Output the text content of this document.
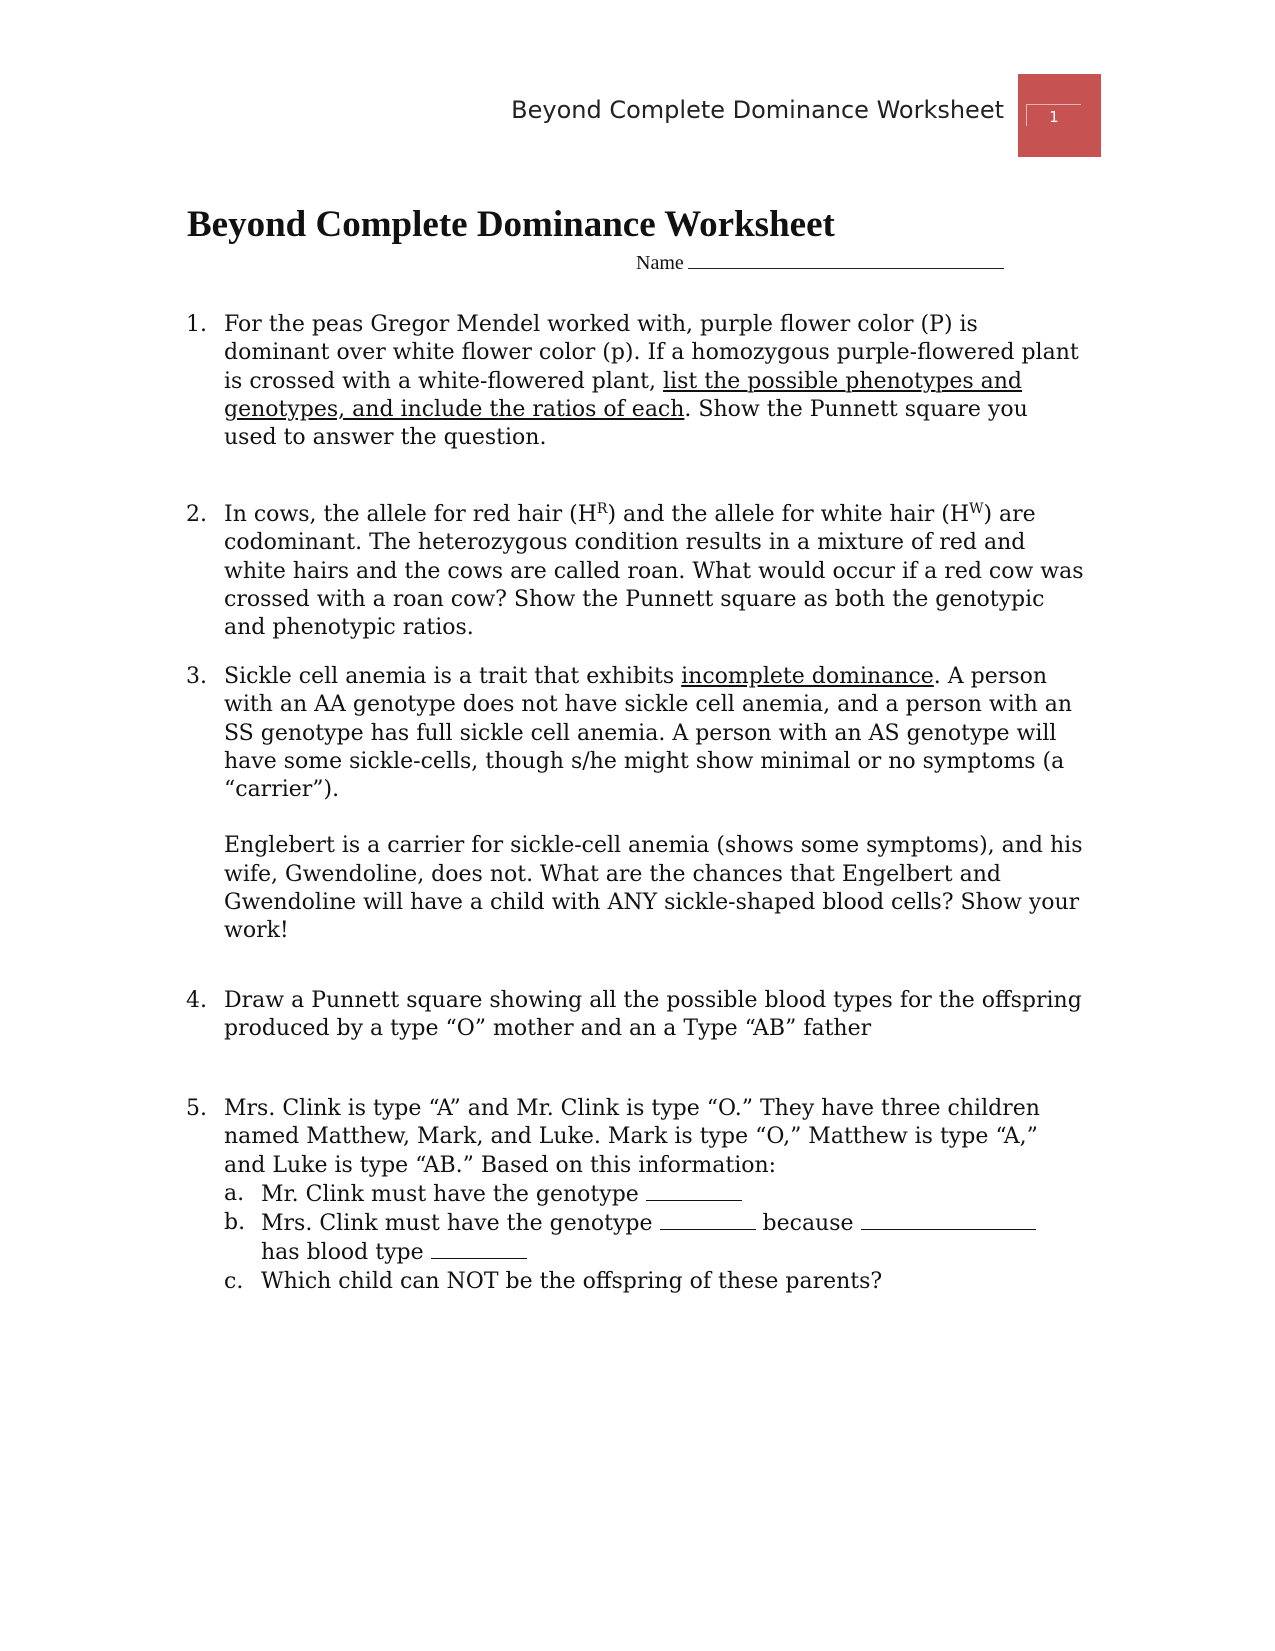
Beyond Complete Dominance Worksheet	1
Beyond Complete Dominance Worksheet
Name
1. For the peas Gregor Mendel worked with, purple flower color (P) is dominant over white flower color (p). If a homozygous purple-flowered plant is crossed with a white-flowered plant, list the possible phenotypes and genotypes, and include the ratios of each. Show the Punnett square you used to answer the question.
2. In cows, the allele for red hair $(H^R)$ and the allele for white hair $(H^W)$ are codominant. The heterozygous condition results in a mixture of red and white hairs and the cows are called roan. What would occur if a red cow was crossed with a roan cow? Show the Punnett square as both the genotypic and phenotypic ratios.
3. Sickle cell anemia is a trait that exhibits incomplete dominance. A person with an AA genotype does not have sickle cell anemia, and a person with an SS genotype has full sickle cell anemia. A person with an AS genotype will have some sickle-cells, though s/he might show minimal or no symptoms (a “carrier”).

Englebert is a carrier for sickle-cell anemia (shows some symptoms), and his wife, Gwendoline, does not. What are the chances that Engelbert and Gwendoline will have a child with ANY sickle-shaped blood cells? Show your work!

4. Draw a Punnett square showing all the possible blood types for the offspring produced by a type “O” mother and an a Type “AB” father
5. Mrs. Clink is type “A” and Mr. Clink is type “O.” They have three children named Matthew, Mark, and Luke. Mark is type “O,” Matthew is type “A,” and Luke is type “AB.” Based on this information:
a. Mr. Clink must have the genotype
b. Mrs. Clink must have the genotype	because
has blood type
c. Which child can NOT be the offspring of these parents?
